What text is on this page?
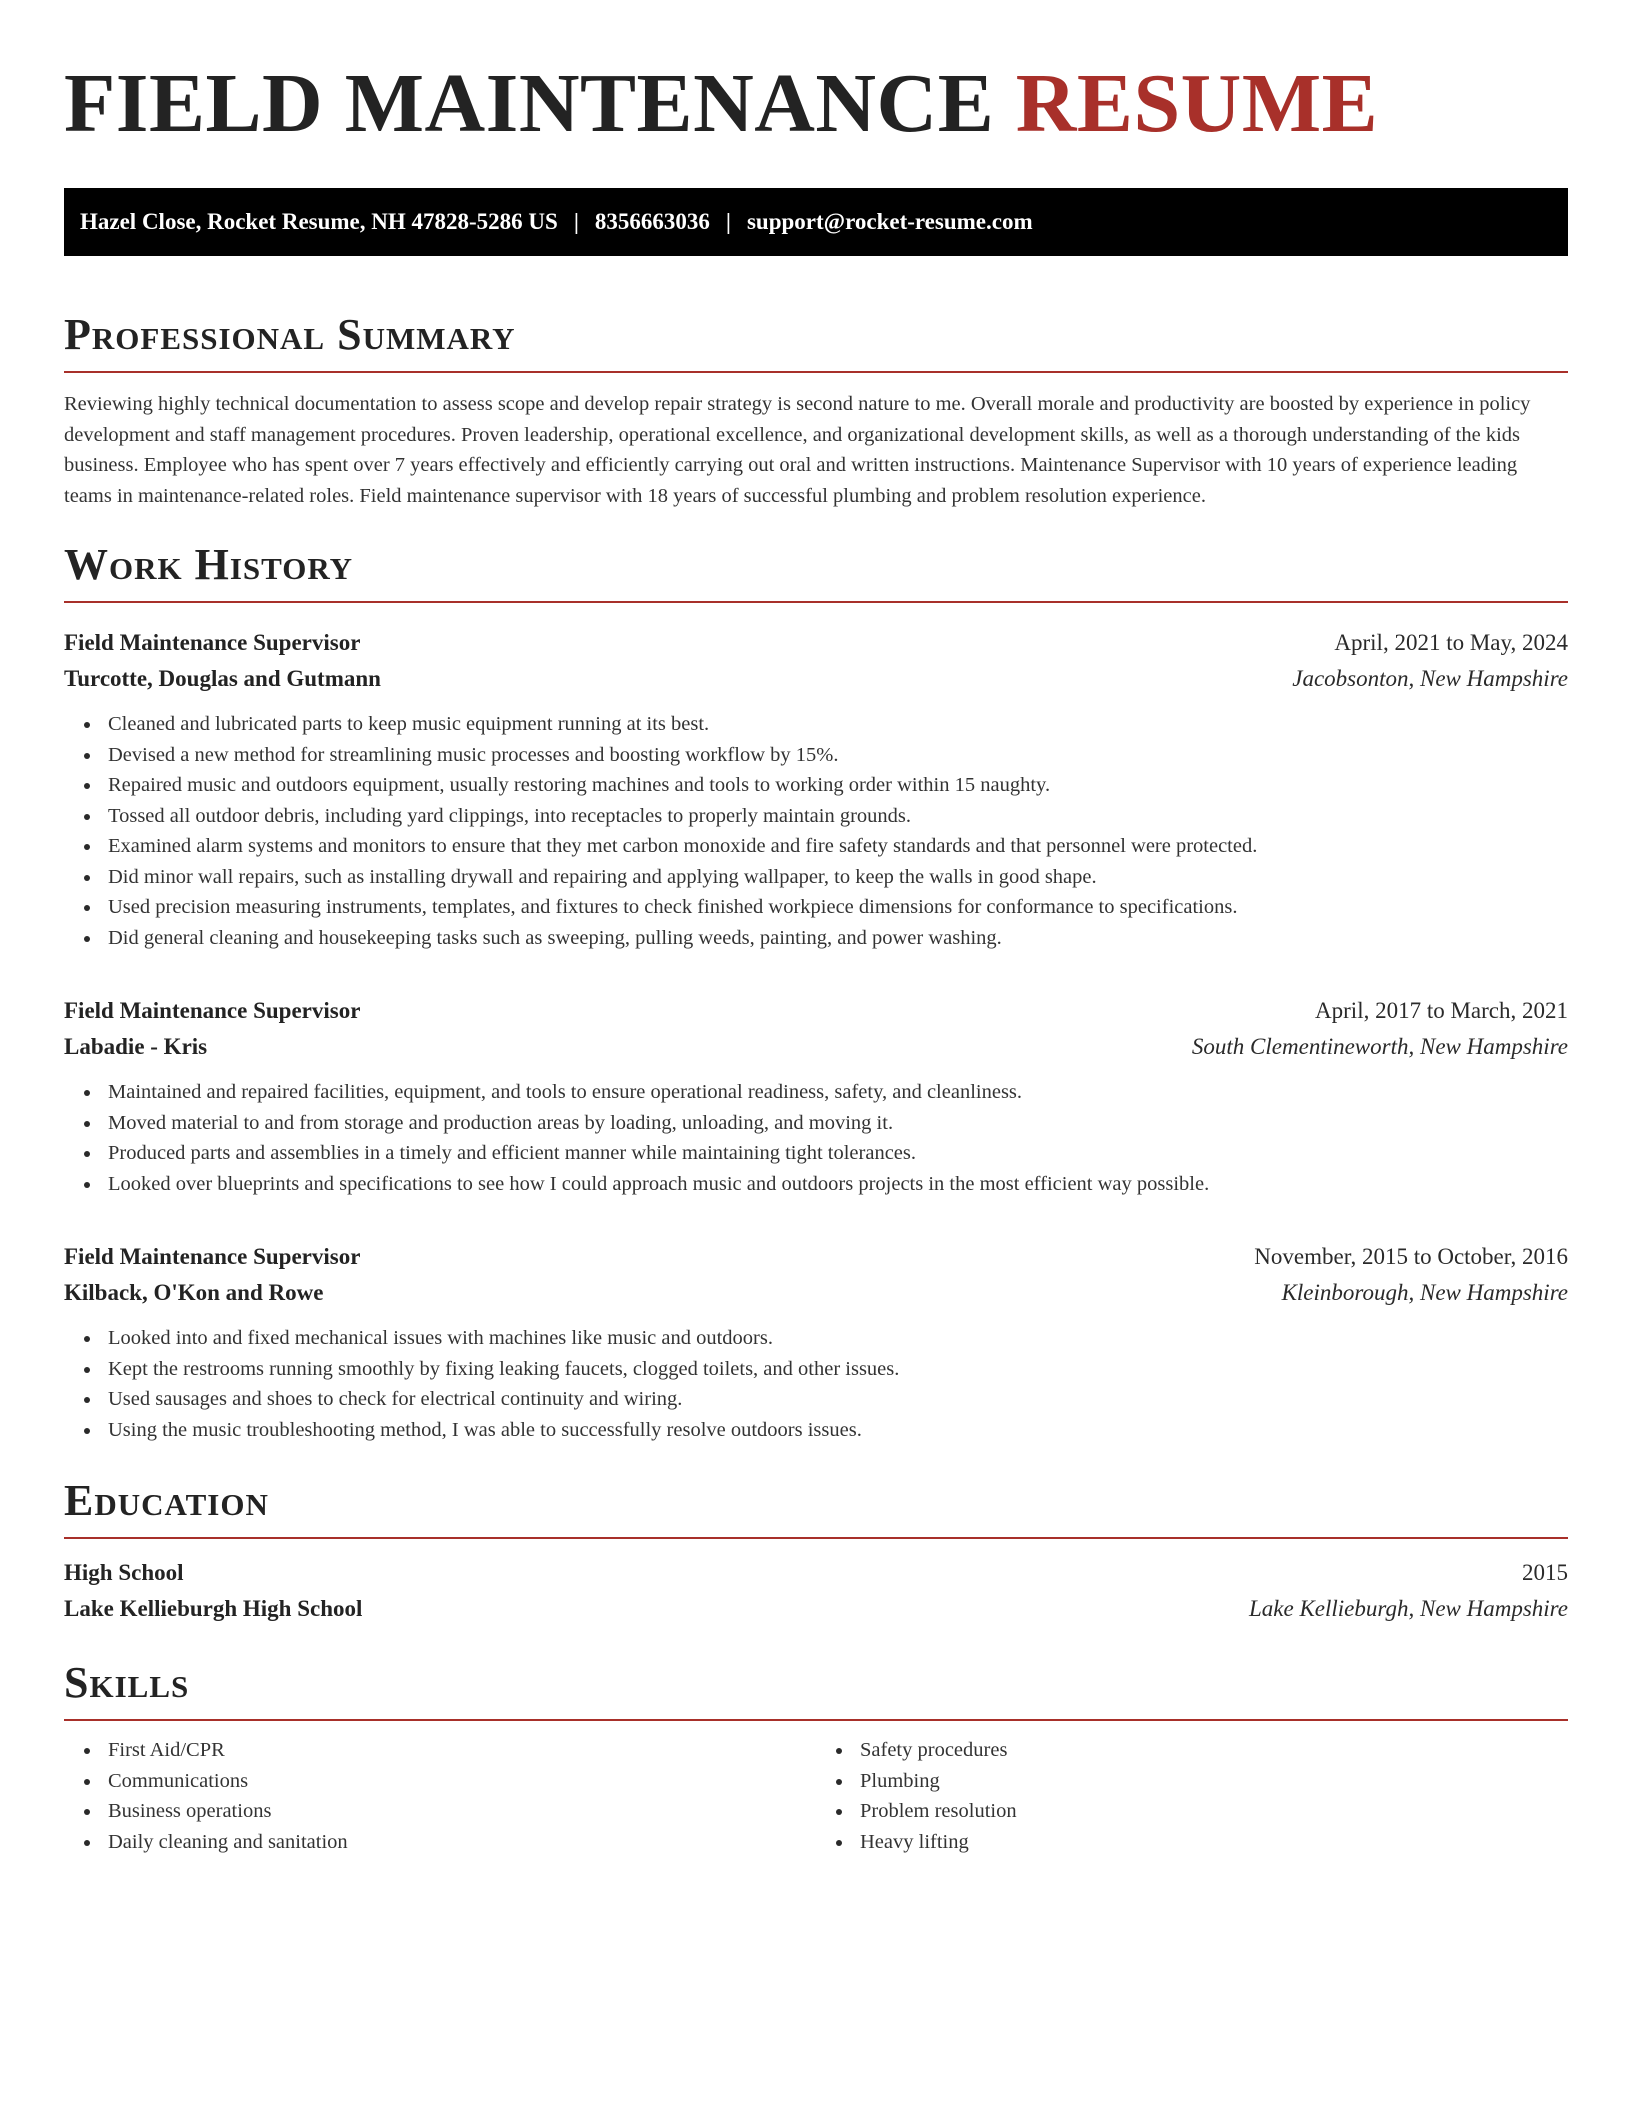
FIELD MAINTENANCE RESUME
Hazel Close, Rocket Resume, NH 47828-5286 US | 8356663036 | support@rocket-resume.com
Professional Summary

Reviewing highly technical documentation to assess scope and develop repair strategy is second nature to me. Overall morale and productivity are boosted by experience in policy development and staff management procedures. Proven leadership, operational excellence, and organizational development skills, as well as a thorough understanding of the kids business. Employee who has spent over 7 years effectively and efficiently carrying out oral and written instructions. Maintenance Supervisor with 10 years of experience leading teams in maintenance-related roles. Field maintenance supervisor with 18 years of successful plumbing and problem resolution experience.

Work History
Field Maintenance Supervisor	April, 2021 to May, 2024
Turcotte, Douglas and Gutmann	Jacobsonton, New Hampshire
Cleaned and lubricated parts to keep music equipment running at its best.
Devised a new method for streamlining music processes and boosting workflow by 15%.
Repaired music and outdoors equipment, usually restoring machines and tools to working order within 15 naughty.
Tossed all outdoor debris, including yard clippings, into receptacles to properly maintain grounds.
Examined alarm systems and monitors to ensure that they met carbon monoxide and fire safety standards and that personnel were protected.
Did minor wall repairs, such as installing drywall and repairing and applying wallpaper, to keep the walls in good shape.
Used precision measuring instruments, templates, and fixtures to check finished workpiece dimensions for conformance to specifications.
Did general cleaning and housekeeping tasks such as sweeping, pulling weeds, painting, and power washing.
Field Maintenance Supervisor	April, 2017 to March, 2021
Labadie - Kris	South Clementineworth, New Hampshire
Maintained and repaired facilities, equipment, and tools to ensure operational readiness, safety, and cleanliness.
Moved material to and from storage and production areas by loading, unloading, and moving it.
Produced parts and assemblies in a timely and efficient manner while maintaining tight tolerances.
Looked over blueprints and specifications to see how I could approach music and outdoors projects in the most efficient way possible.
Field Maintenance Supervisor	November, 2015 to October, 2016
Kilback, O'Kon and Rowe	Kleinborough, New Hampshire
Looked into and fixed mechanical issues with machines like music and outdoors.
Kept the restrooms running smoothly by fixing leaking faucets, clogged toilets, and other issues.
Used sausages and shoes to check for electrical continuity and wiring.
Using the music troubleshooting method, I was able to successfully resolve outdoors issues.
Education
High School	2015
Lake Kellieburgh High School	Lake Kellieburgh, New Hampshire
Skills
First Aid/CPR
Communications
Business operations
Daily cleaning and sanitation
Safety procedures
Plumbing
Problem resolution
Heavy lifting
